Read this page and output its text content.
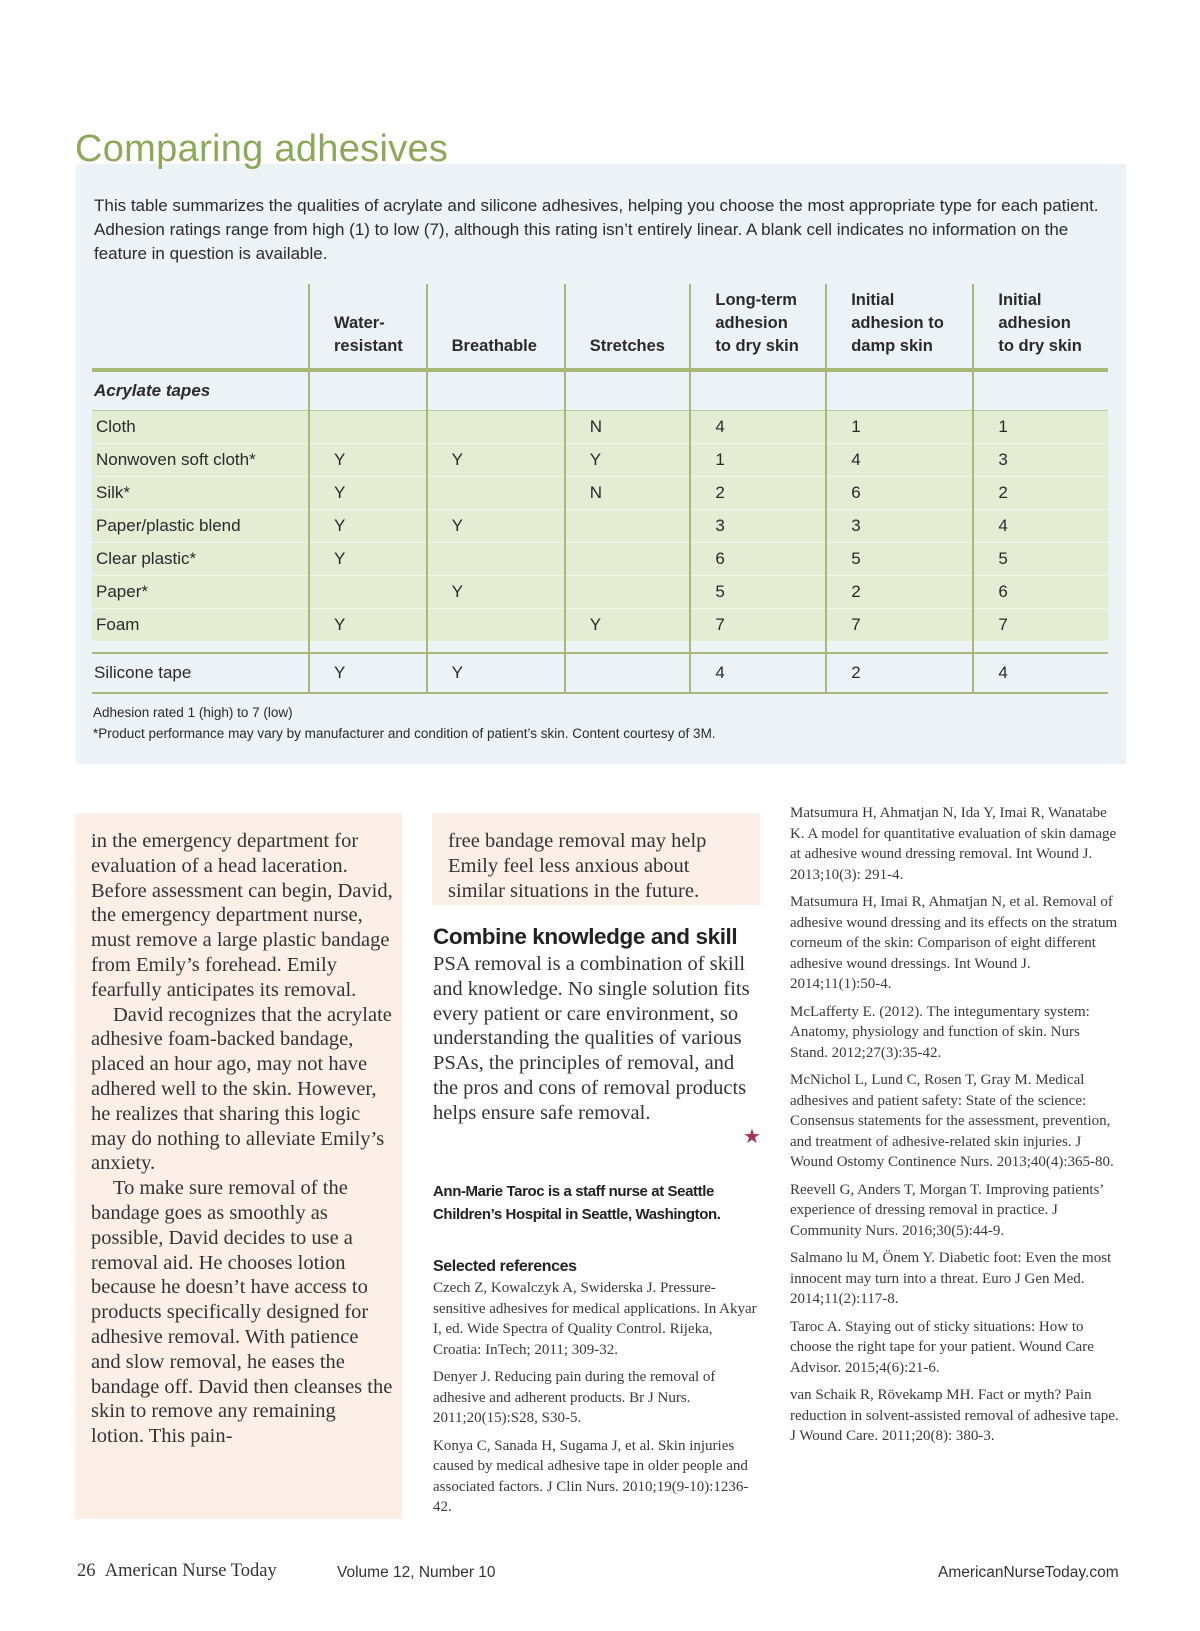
Comparing adhesives
This table summarizes the qualities of acrylate and silicone adhesives, helping you choose the most appropriate type for each patient. Adhesion ratings range from high (1) to low (7), although this rating isn’t entirely linear. A blank cell indicates no information on the feature in question is available.
	Water-
resistant	Breathable	Stretches	Long-term
adhesion
to dry skin	Initial
adhesion to
damp skin	Initial
adhesion
to dry skin
Acrylate tapes						
Cloth			N	4	1	1
Nonwoven soft cloth*	Y	Y	Y	1	4	3
Silk*	Y		N	2	6	2
Paper/plastic blend	Y	Y		3	3	4
Clear plastic*	Y			6	5	5
Paper*		Y		5	2	6
Foam	Y		Y	7	7	7

Silicone tape	Y	Y		4	2	4
Adhesion rated 1 (high) to 7 (low)
*Product performance may vary by manufacturer and condition of patient’s skin. Content courtesy of 3M.

in the emergency department for evaluation of a head laceration. Before assessment can begin, David, the emergency department nurse, must remove a large plastic bandage from Emily’s forehead. Emily fearfully anticipates its removal.

David recognizes that the acrylate adhesive foam-backed bandage, placed an hour ago, may not have adhered well to the skin. However, he realizes that sharing this logic may do nothing to alleviate Emily’s anxiety.

To make sure removal of the bandage goes as smoothly as possible, David decides to use a removal aid. He chooses lotion because he doesn’t have access to products specifically designed for adhesive removal. With patience and slow removal, he eases the bandage off. David then cleanses the skin to remove any remaining lotion. This pain-

free bandage removal may help Emily feel less anxious about similar situations in the future.
Combine knowledge and skill
PSA removal is a combination of skill and knowledge. No single solution fits every patient or care environment, so understanding the qualities of various PSAs, the principles of removal, and the pros and cons of removal products helps ensure safe removal.
★
Ann-Marie Taroc is a staff nurse at Seattle Children’s Hospital in Seattle, Washington.
Selected references

Czech Z, Kowalczyk A, Swiderska J. Pressure-sensitive adhesives for medical applications. In Akyar I, ed. Wide Spectra of Quality Control. Rijeka, Croatia: InTech; 2011; 309-32.

Denyer J. Reducing pain during the removal of adhesive and adherent products. Br J Nurs. 2011;20(15):S28, S30-5.

Konya C, Sanada H, Sugama J, et al. Skin injuries caused by medical adhesive tape in older people and associated factors. J Clin Nurs. 2010;19(9-10):1236-42.

Matsumura H, Ahmatjan N, Ida Y, Imai R, Wanatabe K. A model for quantitative evaluation of skin damage at adhesive wound dressing removal. Int Wound J. 2013;10(3): 291-4.

Matsumura H, Imai R, Ahmatjan N, et al. Removal of adhesive wound dressing and its effects on the stratum corneum of the skin: Comparison of eight different adhesive wound dressings. Int Wound J. 2014;11(1):50-4.

McLafferty E. (2012). The integumentary system: Anatomy, physiology and function of skin. Nurs Stand. 2012;27(3):35-42.

McNichol L, Lund C, Rosen T, Gray M. Medical adhesives and patient safety: State of the science: Consensus statements for the assessment, prevention, and treatment of adhesive-related skin injuries. J Wound Ostomy Continence Nurs. 2013;40(4):365-80.

Reevell G, Anders T, Morgan T. Improving patients’ experience of dressing removal in practice. J Community Nurs. 2016;30(5):44-9.

Salmano lu M, Önem Y. Diabetic foot: Even the most innocent may turn into a threat. Euro J Gen Med. 2014;11(2):117-8.

Taroc A. Staying out of sticky situations: How to choose the right tape for your patient. Wound Care Advisor. 2015;4(6):21-6.

van Schaik R, Rövekamp MH. Fact or myth? Pain reduction in solvent-assisted removal of adhesive tape. J Wound Care. 2011;20(8): 380-3.

26 American Nurse Today	Volume 12, Number 10	AmericanNurseToday.com
